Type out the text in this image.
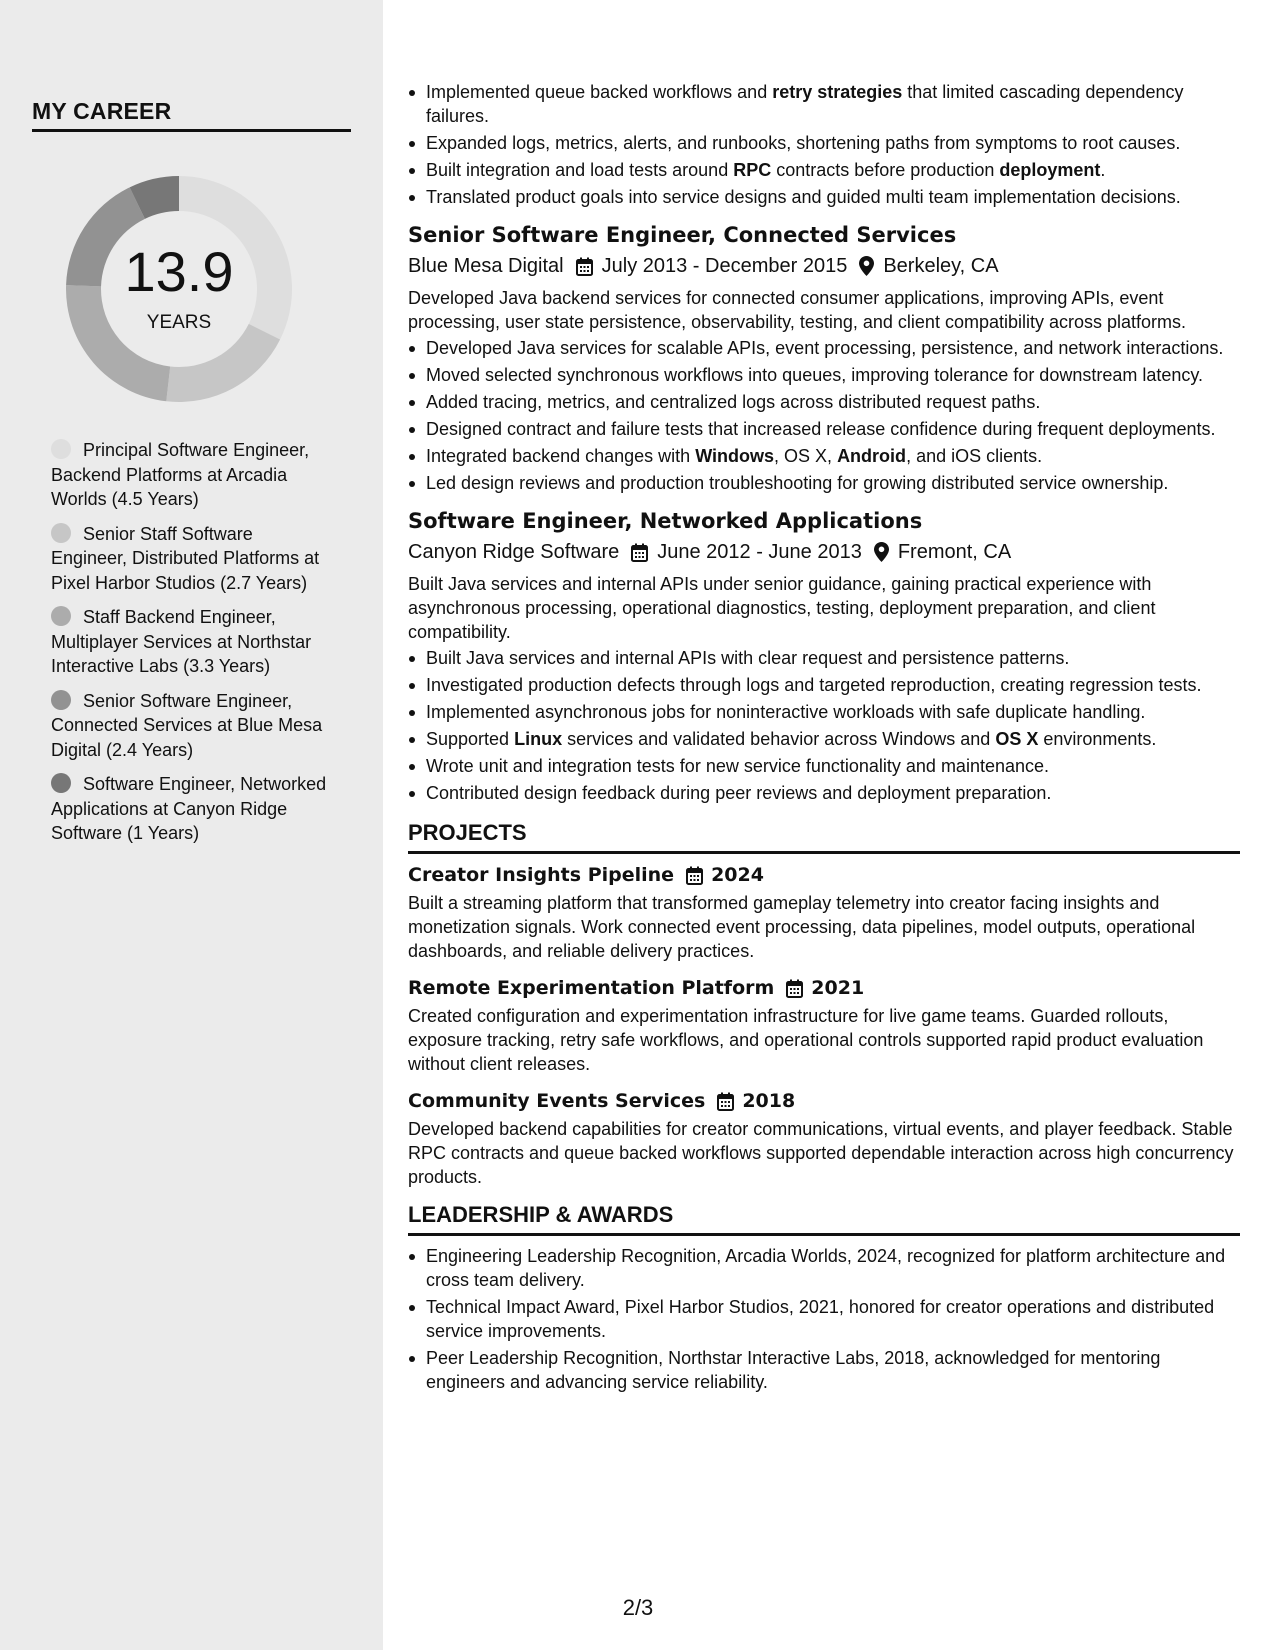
MY CAREER
13.9
YEARS
Principal Software Engineer, Backend Platforms at Arcadia Worlds (4.5 Years)
Senior Staff Software Engineer, Distributed Platforms at Pixel Harbor Studios (2.7 Years)
Staff Backend Engineer, Multiplayer Services at Northstar Interactive Labs (3.3 Years)
Senior Software Engineer, Connected Services at Blue Mesa Digital (2.4 Years)
Software Engineer, Networked Applications at Canyon Ridge Software (1 Years)
Implemented queue backed workflows and retry strategies that limited cascading dependency failures.
Expanded logs, metrics, alerts, and runbooks, shortening paths from symptoms to root causes.
Built integration and load tests around RPC contracts before production deployment.
Translated product goals into service designs and guided multi team implementation decisions.
Senior Software Engineer, Connected Services
Blue Mesa Digital July 2013 - December 2015 Berkeley, CA
Developed Java backend services for connected consumer applications, improving APIs, event processing, user state persistence, observability, testing, and client compatibility across platforms.
Developed Java services for scalable APIs, event processing, persistence, and network interactions.
Moved selected synchronous workflows into queues, improving tolerance for downstream latency.
Added tracing, metrics, and centralized logs across distributed request paths.
Designed contract and failure tests that increased release confidence during frequent deployments.
Integrated backend changes with Windows, OS X, Android, and iOS clients.
Led design reviews and production troubleshooting for growing distributed service ownership.
Software Engineer, Networked Applications
Canyon Ridge Software June 2012 - June 2013 Fremont, CA
Built Java services and internal APIs under senior guidance, gaining practical experience with asynchronous processing, operational diagnostics, testing, deployment preparation, and client compatibility.
Built Java services and internal APIs with clear request and persistence patterns.
Investigated production defects through logs and targeted reproduction, creating regression tests.
Implemented asynchronous jobs for noninteractive workloads with safe duplicate handling.
Supported Linux services and validated behavior across Windows and OS X environments.
Wrote unit and integration tests for new service functionality and maintenance.
Contributed design feedback during peer reviews and deployment preparation.
PROJECTS
Creator Insights Pipeline 2024
Built a streaming platform that transformed gameplay telemetry into creator facing insights and monetization signals. Work connected event processing, data pipelines, model outputs, operational dashboards, and reliable delivery practices.
Remote Experimentation Platform 2021
Created configuration and experimentation infrastructure for live game teams. Guarded rollouts, exposure tracking, retry safe workflows, and operational controls supported rapid product evaluation without client releases.
Community Events Services 2018
Developed backend capabilities for creator communications, virtual events, and player feedback. Stable RPC contracts and queue backed workflows supported dependable interaction across high concurrency products.
LEADERSHIP & AWARDS
Engineering Leadership Recognition, Arcadia Worlds, 2024, recognized for platform architecture and cross team delivery.
Technical Impact Award, Pixel Harbor Studios, 2021, honored for creator operations and distributed service improvements.
Peer Leadership Recognition, Northstar Interactive Labs, 2018, acknowledged for mentoring engineers and advancing service reliability.
2/3
